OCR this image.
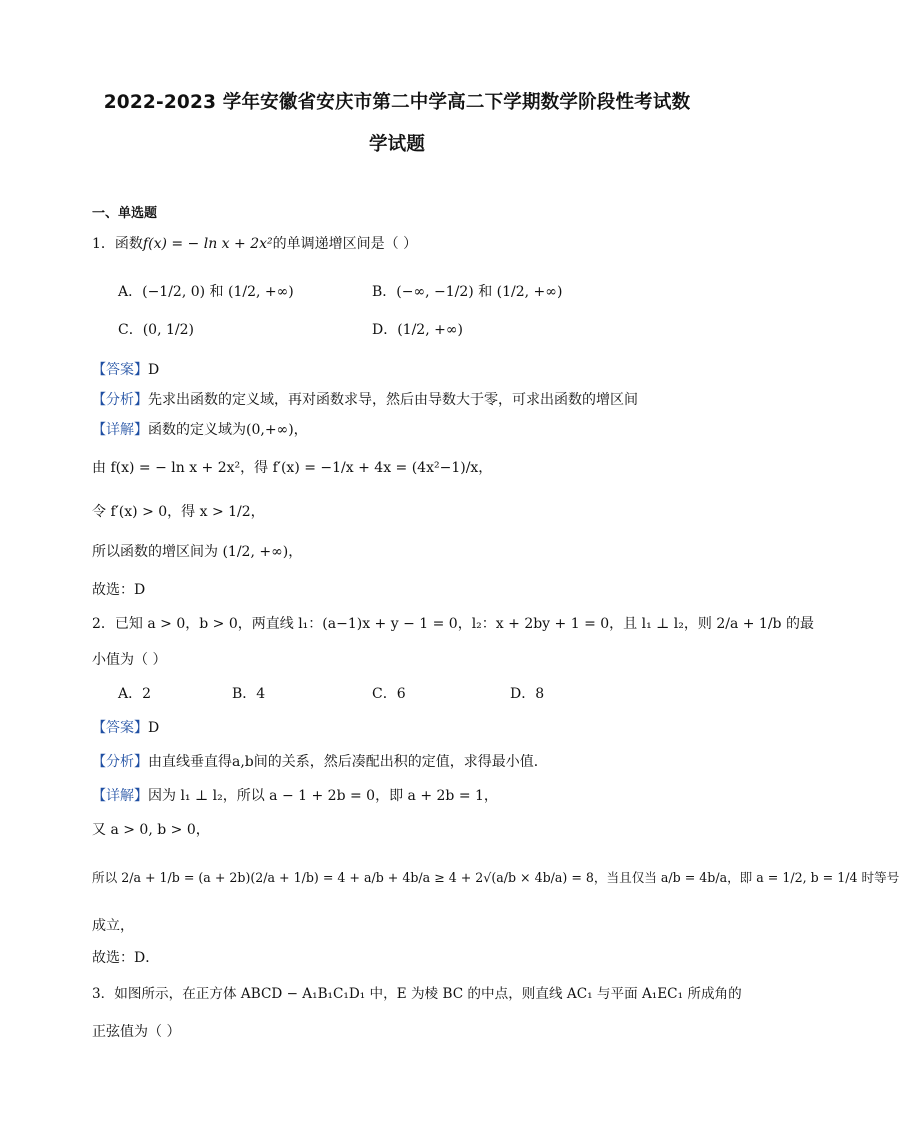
2022-2023 学年安徽省安庆市第二中学高二下学期数学阶段性考试数
学试题
一、单选题
1．函数f(x) = − ln x + 2x²的单调递增区间是（ ）
A．(−1/2, 0) 和 (1/2, +∞)	B．(−∞, −1/2) 和 (1/2, +∞)
C．(0, 1/2)	D．(1/2, +∞)
【答案】D
【分析】先求出函数的定义域，再对函数求导，然后由导数大于零，可求出函数的增区间
【详解】函数的定义域为(0,+∞)，
由 f(x) = − ln x + 2x²，得 f′(x) = −1/x + 4x = (4x²−1)/x，
令 f′(x) > 0，得 x > 1/2，
所以函数的增区间为 (1/2, +∞)，
故选：D
2．已知 a > 0，b > 0，两直线 l₁：(a−1)x + y − 1 = 0，l₂：x + 2by + 1 = 0，且 l₁ ⊥ l₂，则 2/a + 1/b 的最
小值为（ ）
A．2	B．4	C．6	D．8
【答案】D
【分析】由直线垂直得a,b间的关系，然后凑配出积的定值，求得最小值．
【详解】因为 l₁ ⊥ l₂，所以 a − 1 + 2b = 0，即 a + 2b = 1，
又 a > 0, b > 0，
所以 2/a + 1/b = (a + 2b)(2/a + 1/b) = 4 + a/b + 4b/a ≥ 4 + 2√(a/b × 4b/a) = 8，当且仅当 a/b = 4b/a，即 a = 1/2, b = 1/4 时等号
成立，
故选：D．
3．如图所示，在正方体 ABCD − A₁B₁C₁D₁ 中，E 为棱 BC 的中点，则直线 AC₁ 与平面 A₁EC₁ 所成角的
正弦值为（ ）
